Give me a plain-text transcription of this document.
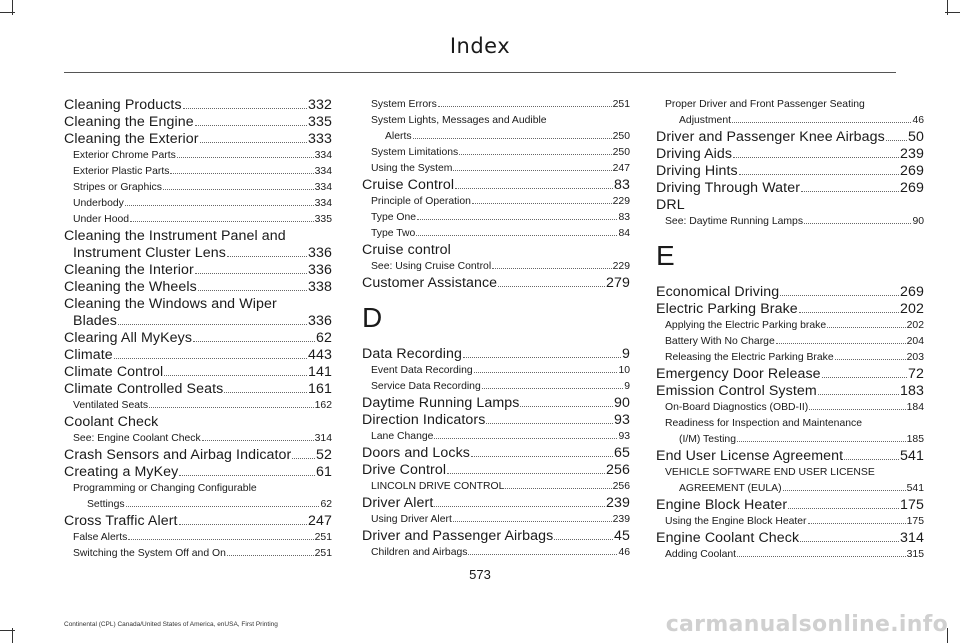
Index
Cleaning Products	332
Cleaning the Engine	335
Cleaning the Exterior	333
Exterior Chrome Parts	334
Exterior Plastic Parts	334
Stripes or Graphics	334
Underbody	334
Under Hood	335
Cleaning the Instrument Panel and
Instrument Cluster Lens	336
Cleaning the Interior	336
Cleaning the Wheels	338
Cleaning the Windows and Wiper
Blades	336
Clearing All MyKeys	62
Climate	443
Climate Control	141
Climate Controlled Seats	161
Ventilated Seats	162
Coolant Check
See: Engine Coolant Check	314
Crash Sensors and Airbag Indicator 52
Creating a MyKey	61
Programming or Changing Configurable
Settings	62
Cross Traffic Alert	247
False Alerts	251
Switching the System Off and On	251
System Errors	251
System Lights, Messages and Audible
Alerts	250
System Limitations	250
Using the System	247
Cruise Control	83
Principle of Operation	229
Type One	83
Type Two	84
Cruise control
See: Using Cruise Control	229
Customer Assistance	279
D
Data Recording	9
Event Data Recording	10
Service Data Recording	9
Daytime Running Lamps	90
Direction Indicators	93
Lane Change	93
Doors and Locks	65
Drive Control	256
LINCOLN DRIVE CONTROL	256
Driver Alert	239
Using Driver Alert	239
Driver and Passenger Airbags	45
Children and Airbags	46
Proper Driver and Front Passenger Seating
Adjustment	46
Driver and Passenger Knee Airbags 50
Driving Aids	239
Driving Hints	269
Driving Through Water	269
DRL
See: Daytime Running Lamps	90
E
Economical Driving	269
Electric Parking Brake	202
Applying the Electric Parking brake	202
Battery With No Charge	204
Releasing the Electric Parking Brake	203
Emergency Door Release	72
Emission Control System	183
On-Board Diagnostics (OBD-II)	184
Readiness for Inspection and Maintenance
(I/M) Testing	185
End User License Agreement	541
VEHICLE SOFTWARE END USER LICENSE
AGREEMENT (EULA)	541
Engine Block Heater	175
Using the Engine Block Heater	175
Engine Coolant Check	314
Adding Coolant	315
573
Continental (CPL) Canada/United States of America, enUSA, First Printing	carmanualsonline.info
